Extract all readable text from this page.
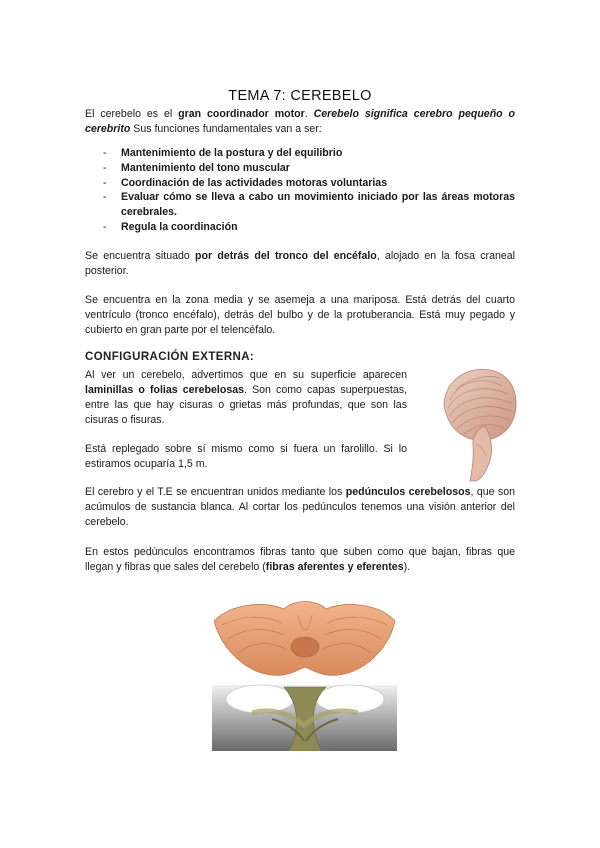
TEMA 7: CEREBELO

El cerebelo es el gran coordinador motor. Cerebelo significa cerebro pequeño o cerebrito Sus funciones fundamentales van a ser:

- Mantenimiento de la postura y del equilibrio
- Mantenimiento del tono muscular
- Coordinación de las actividades motoras voluntarias
- Evaluar cómo se lleva a cabo un movimiento iniciado por las áreas motoras cerebrales.
- Regula la coordinación

Se encuentra situado por detrás del tronco del encéfalo, alojado en la fosa craneal posterior.

Se encuentra en la zona media y se asemeja a una mariposa. Está detrás del cuarto ventrículo (tronco encéfalo), detrás del bulbo y de la protuberancia. Está muy pegado y cubierto en gran parte por el telencéfalo.

CONFIGURACIÓN EXTERNA:

Al ver un cerebelo, advertimos que en su superficie aparecen laminillas o folias cerebelosas. Son como capas superpuestas, entre las que hay cisuras o grietas más profundas, que son las cisuras o fisuras.

Está replegado sobre sí mismo como si fuera un farolillo. Si lo estiramos ocuparía 1,5 m.

El cerebro y el T.E se encuentran unidos mediante los pedúnculos cerebelosos, que son acúmulos de sustancia blanca. Al cortar los pedúnculos tenemos una visión anterior del cerebelo.

En estos pedúnculos encontramos fibras tanto que suben como que bajan, fibras que llegan y fibras que sales del cerebelo (fibras aferentes y eferentes).
